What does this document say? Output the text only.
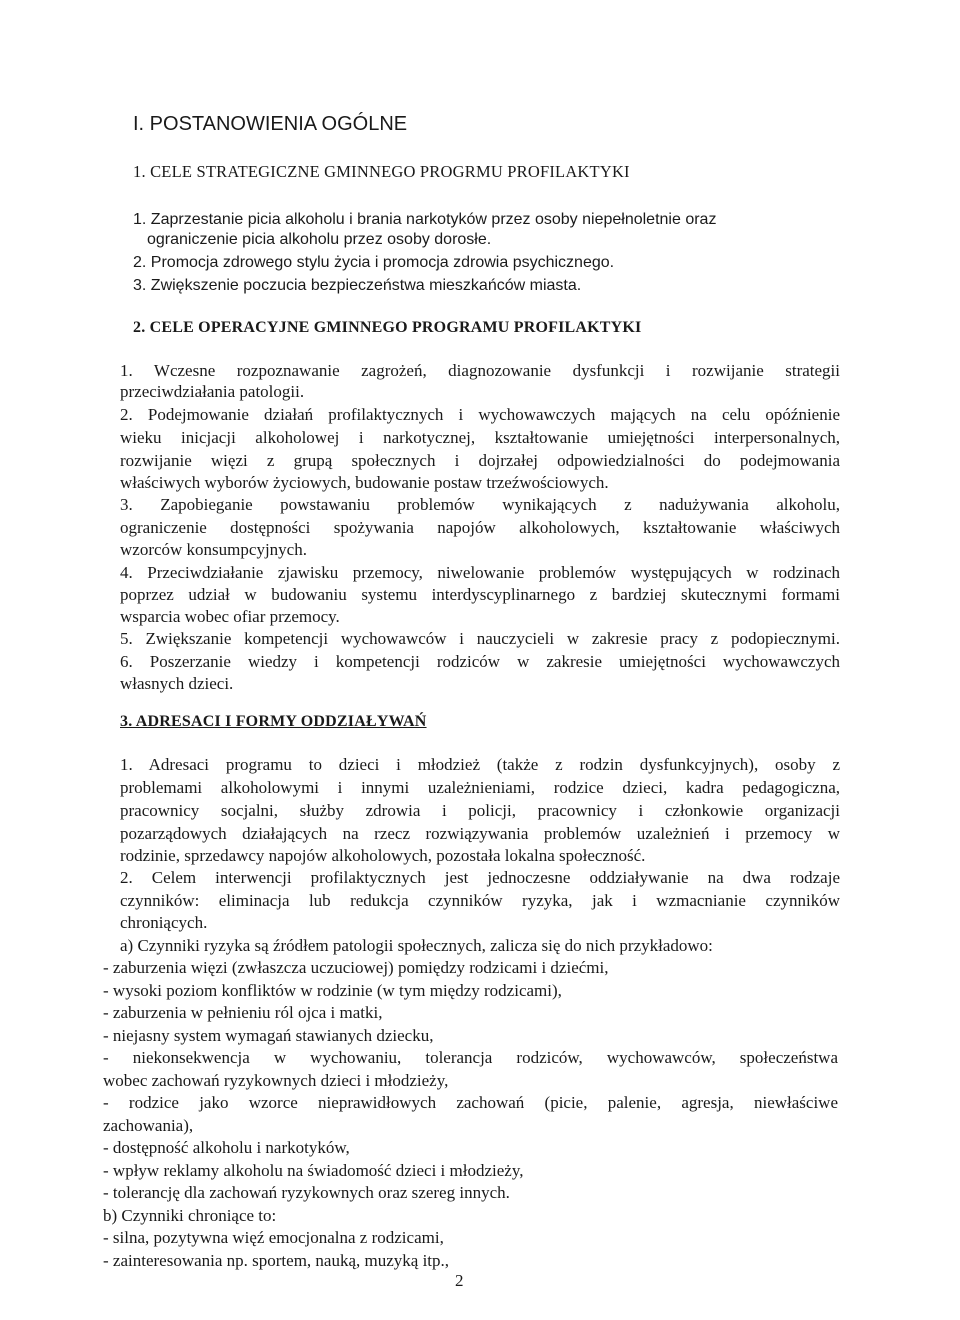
I. POSTANOWIENIA OGÓLNE
1. CELE STRATEGICZNE GMINNEGO PROGRMU PROFILAKTYKI
1. Zaprzestanie picia alkoholu i brania narkotyków przez osoby niepełnoletnie oraz
ograniczenie picia alkoholu przez osoby dorosłe.
2. Promocja zdrowego stylu życia i promocja zdrowia psychicznego.
3. Zwiększenie poczucia bezpieczeństwa mieszkańców miasta.
2. CELE OPERACYJNE GMINNEGO PROGRAMU PROFILAKTYKI
1. Wczesne rozpoznawanie zagrożeń, diagnozowanie dysfunkcji i rozwijanie strategii
przeciwdziałania patologii.
2. Podejmowanie działań profilaktycznych i wychowawczych mających na celu opóźnienie
wieku inicjacji alkoholowej i narkotycznej, kształtowanie umiejętności interpersonalnych,
rozwijanie więzi z grupą społecznych i dojrzałej odpowiedzialności do podejmowania
właściwych wyborów życiowych, budowanie postaw trzeźwościowych.
3. Zapobieganie powstawaniu problemów wynikających z nadużywania alkoholu,
ograniczenie dostępności spożywania napojów alkoholowych, kształtowanie właściwych
wzorców konsumpcyjnych.
4. Przeciwdziałanie zjawisku przemocy, niwelowanie problemów występujących w rodzinach
poprzez udział w budowaniu systemu interdyscyplinarnego z bardziej skutecznymi formami
wsparcia wobec ofiar przemocy.
5. Zwiększanie kompetencji wychowawców i nauczycieli w zakresie pracy z podopiecznymi.
6. Poszerzanie wiedzy i kompetencji rodziców w zakresie umiejętności wychowawczych
własnych dzieci.
3. ADRESACI I FORMY ODDZIAŁYWAŃ
1. Adresaci programu to dzieci i młodzież (także z rodzin dysfunkcyjnych), osoby z
problemami alkoholowymi i innymi uzależnieniami, rodzice dzieci, kadra pedagogiczna,
pracownicy socjalni, służby zdrowia i policji, pracownicy i członkowie organizacji
pozarządowych działających na rzecz rozwiązywania problemów uzależnień i przemocy w
rodzinie, sprzedawcy napojów alkoholowych, pozostała lokalna społeczność.
2. Celem interwencji profilaktycznych jest jednoczesne oddziaływanie na dwa rodzaje
czynników: eliminacja lub redukcja czynników ryzyka, jak i wzmacnianie czynników
chroniących.
a) Czynniki ryzyka są źródłem patologii społecznych, zalicza się do nich przykładowo:
- zaburzenia więzi (zwłaszcza uczuciowej) pomiędzy rodzicami i dziećmi,
- wysoki poziom konfliktów w rodzinie (w tym między rodzicami),
- zaburzenia w pełnieniu ról ojca i matki,
- niejasny system wymagań stawianych dziecku,
- niekonsekwencja w wychowaniu, tolerancja rodziców, wychowawców, społeczeństwa
wobec zachowań ryzykownych dzieci i młodzieży,
- rodzice jako wzorce nieprawidłowych zachowań (picie, palenie, agresja, niewłaściwe
zachowania),
- dostępność alkoholu i narkotyków,
- wpływ reklamy alkoholu na świadomość dzieci i młodzieży,
- tolerancję dla zachowań ryzykownych oraz szereg innych.
b) Czynniki chroniące to:
- silna, pozytywna więź emocjonalna z rodzicami,
- zainteresowania np. sportem, nauką, muzyką itp.,
2
